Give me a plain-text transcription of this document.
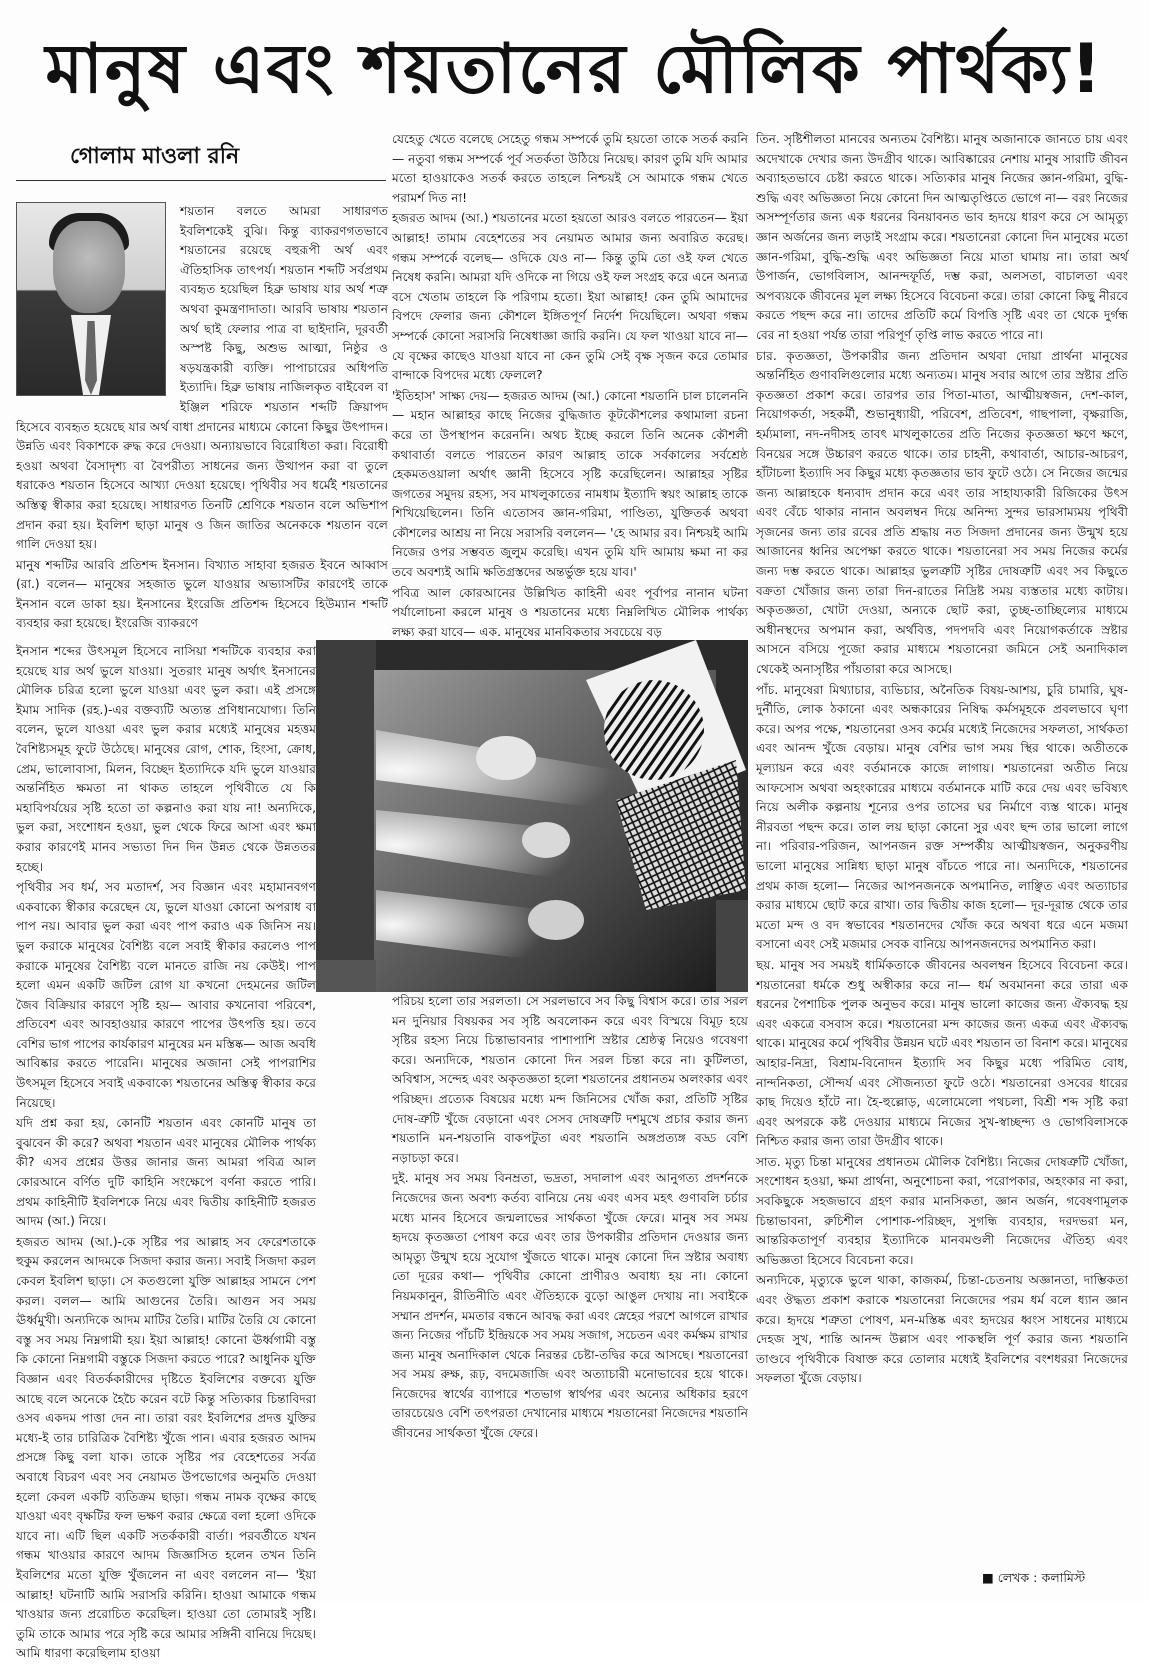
মানুষ এবং শয়তানের মৌলিক পার্থক্য!
গোলাম মাওলা রনি

শয়তান বলতে আমরা সাধারণত ইবলিশকেই বুঝি। কিন্তু ব্যাকরণগতভাবে শয়তানের রয়েছে বহুরূপী অর্থ এবং ঐতিহাসিক তাৎপর্য। শয়তান শব্দটি সর্বপ্রথম ব্যবহৃত হয়েছিল হিব্রু ভাষায় যার অর্থ শত্রু অথবা কুমন্ত্রণাদাতা। আরবি ভাষায় শয়তান অর্থ ছাই ফেলার পাত্র বা ছাইদানি, দূরবর্তী অস্পষ্ট কিছু, অশুভ আত্মা, নিষ্ঠুর ও ষড়যন্ত্রকারী ব্যক্তি। পাপাচারের অধিপতি ইত্যাদি। হিব্রু ভাষায় নাজিলকৃত বাইবেল বা ইঞ্জিল শরিফে শয়তান শব্দটি ক্রিয়াপদ হিসেবে ব্যবহৃত হয়েছে যার অর্থ বাধা প্রদানের মাধ্যমে কোনো কিছুর উৎপাদন। উন্নতি এবং বিকাশকে রুদ্ধ করে দেওয়া। অন্যায়ভাবে বিরোধিতা করা। বিরোধী হওয়া অথবা বৈসাদৃশ্য বা বৈপরীত্য সাধনের জন্য উত্থাপন করা বা তুলে ধরাকেও শয়তান হিসেবে আখ্যা দেওয়া হয়েছে। পৃথিবীর সব ধর্মেই শয়তানের অস্তিত্ব স্বীকার করা হয়েছে। সাধারণত তিনটি শ্রেণিকে শয়তান বলে অভিশাপ প্রদান করা হয়। ইবলিশ ছাড়া মানুষ ও জিন জাতির অনেককে শয়তান বলে গালি দেওয়া হয়।

মানুষ শব্দটির আরবি প্রতিশব্দ ইনসান। বিখ্যাত সাহাবা হজরত ইবনে আব্বাস (রা.) বলেন— মানুষের সহজাত ভুলে যাওয়ার অভ্যাসটির কারণেই তাকে ইনসান বলে ডাকা হয়। ইনসানের ইংরেজি প্রতিশব্দ হিসেবে হিউম্যান শব্দটি ব্যবহার করা হয়েছে। ইংরেজি ব্যাকরণে

ইনসান শব্দের উৎসমূল হিসেবে নাসিয়া শব্দটিকে ব্যবহার করা হয়েছে যার অর্থ ভুলে যাওয়া। সুতরাং মানুষ অর্থাৎ ইনসানের মৌলিক চরিত্র হলো ভুলে যাওয়া এবং ভুল করা। এই প্রসঙ্গে ইমাম সাদিক (রহ.)-এর বক্তব্যটি অত্যন্ত প্রণিধানযোগ্য। তিনি বলেন, ভুলে যাওয়া এবং ভুল করার মধ্যেই মানুষের মহত্তম বৈশিষ্ট্যসমূহ ফুটে উঠেছে। মানুষের রোগ, শোক, হিংসা, ক্রোধ, প্রেম, ভালোবাসা, মিলন, বিচ্ছেদ ইত্যাদিকে যদি ভুলে যাওয়ার অন্তর্নিহিত ক্ষমতা না থাকত তাহলে পৃথিবীতে যে কি মহাবিপর্যয়ের সৃষ্টি হতো তা কল্পনাও করা যায় না! অন্যদিকে, ভুল করা, সংশোধন হওয়া, ভুল থেকে ফিরে আসা এবং ক্ষমা করার কারণেই মানব সভ্যতা দিন দিন উন্নত থেকে উন্নততর হচ্ছে।

পৃথিবীর সব ধর্ম, সব মতাদর্শ, সব বিজ্ঞান এবং মহামানবগণ একবাক্যে স্বীকার করেছেন যে, ভুলে যাওয়া কোনো অপরাধ বা পাপ নয়। আবার ভুল করা এবং পাপ করাও এক জিনিস নয়। ভুল করাকে মানুষের বৈশিষ্ট্য বলে সবাই স্বীকার করলেও পাপ করাকে মানুষের বৈশিষ্ট্য বলে মানতে রাজি নয় কেউই। পাপ হলো এমন একটি জটিল রোগ যা কখনো দেহমনের জটিল জৈব বিক্রিয়ার কারণে সৃষ্টি হয়— আবার কখনোবা পরিবেশ, প্রতিবেশ এবং আবহাওয়ার কারণে পাপের উৎপত্তি হয়। তবে বেশির ভাগ পাপের কার্যকারণ মানুষের মন মস্তিষ্ক— আজ অবধি আবিষ্কার করতে পারেনি। মানুষের অজানা সেই পাপরাশির উৎসমূল হিসেবে সবাই একবাক্যে শয়তানের অস্তিত্ব স্বীকার করে নিয়েছে।

যদি প্রশ্ন করা হয়, কোনটি শয়তান এবং কোনটি মানুষ তা বুঝবেন কী করে? অথবা শয়তান এবং মানুষের মৌলিক পার্থক্য কী? এসব প্রশ্নের উত্তর জানার জন্য আমরা পবিত্র আল কোরআনে বর্ণিত দুটি কাহিনি সংক্ষেপে বর্ণনা করতে পারি। প্রথম কাহিনীটি ইবলিশকে নিয়ে এবং দ্বিতীয় কাহিনীটি হজরত আদম (আ.) নিয়ে।

হজরত আদম (আ.)-কে সৃষ্টির পর আল্লাহ সব ফেরেশতাকে হুকুম করলেন আদমকে সিজদা করার জন্য। সবাই সিজদা করল কেবল ইবলিশ ছাড়া। সে কতগুলো যুক্তি আল্লাহর সামনে পেশ করল। বলল— আমি আগুনের তৈরি। আগুন সব সময় ঊর্ধ্বমুখী। অন্যদিকে আদম মাটির তৈরি। মাটির তৈরি যে কোনো বস্তু সব সময় নিম্নগামী হয়। ইয়া আল্লাহ! কোনো ঊর্ধ্বগামী বস্তু কি কোনো নিম্নগামী বস্তুকে সিজদা করতে পারে? আধুনিক যুক্তি বিজ্ঞান এবং বিতর্ককারীদের দৃষ্টিতে ইবলিশের বক্তব্যে যুক্তি আছে বলে অনেকে হৈচৈ করেন বটে কিন্তু সত্যিকার চিন্তাবিদরা ওসব একদম পাত্তা দেন না। তারা বরং ইবলিশের প্রদত্ত যুক্তির মধ্যে-ই তার চারিত্রিক বৈশিষ্ট্য খুঁজে পান। এবার হজরত আদম প্রসঙ্গে কিছু বলা যাক। তাকে সৃষ্টির পর বেহেশতের সর্বত্র অবাধে বিচরণ এবং সব নেয়ামত উপভোগের অনুমতি দেওয়া হলো কেবল একটি ব্যতিক্রম ছাড়া। গন্ধম নামক বৃক্ষের কাছে যাওয়া এবং বৃক্ষটির ফল ভক্ষণ করার ক্ষেত্রে বলা হলো ওদিকে যাবে না। এটি ছিল একটি সতর্ককারী বার্তা। পরবর্তীতে যখন গন্ধম খাওয়ার কারণে আদম জিজ্ঞাসিত হলেন তখন তিনি ইবলিশের মতো যুক্তি খুঁজলেন না এবং বললেন না— 'ইয়া আল্লাহ! ঘটনাটি আমি সরাসরি করিনি। হাওয়া আমাকে গন্ধম খাওয়ার জন্য প্ররোচিত করেছিল। হাওয়া তো তোমারই সৃষ্টি। তুমি তাকে আমার পরে সৃষ্টি করে আমার সঙ্গিনী বানিয়ে দিয়েছ। আমি ধারণা করেছিলাম হাওয়া

যেহেতু খেতে বলেছে সেহেতু গন্ধম সম্পর্কে তুমি হয়তো তাকে সতর্ক করনি— নতুবা গন্ধম সম্পর্কে পূর্ব সতর্কতা উঠিয়ে নিয়েছ। কারণ তুমি যদি আমার মতো হাওয়াকেও সতর্ক করতে তাহলে নিশ্চয়ই সে আমাকে গন্ধম খেতে পরামর্শ দিত না!

হজরত আদম (আ.) শয়তানের মতো হয়তো আরও বলতে পারতেন— ইয়া আল্লাহ! তামাম বেহেশতের সব নেয়ামত আমার জন্য অবারিত করেছ। গন্ধম সম্পর্কে বলেছ— ওদিকে যেও না— কিন্তু তুমি তো ওই ফল খেতে নিষেধ করনি। আমরা যদি ওদিকে না গিয়ে ওই ফল সংগ্রহ করে এনে অন্যত্র বসে খেতাম তাহলে কি পরিণাম হতো। ইয়া আল্লাহ! কেন তুমি আমাদের বিপদে ফেলার জন্য কৌশলে ইঙ্গিতপূর্ণ নির্দেশ দিয়েছিলে। অথবা গন্ধম সম্পর্কে কোনো সরাসরি নিষেধাজ্ঞা জারি করনি। যে ফল খাওয়া যাবে না— যে বৃক্ষের কাছেও যাওয়া যাবে না কেন তুমি সেই বৃক্ষ সৃজন করে তোমার বান্দাকে বিপদের মধ্যে ফেললে?

'ইতিহাস' সাক্ষ্য দেয়— হজরত আদম (আ.) কোনো শয়তানি চাল চালেননি— মহান আল্লাহর কাছে নিজের বুদ্ধিজাত কূটকৌশলের কথামালা রচনা করে তা উপস্থাপন করেননি। অথচ ইচ্ছে করলে তিনি অনেক কৌশলী কথাবার্তা বলতে পারতেন কারণ আল্লাহ তাকে সর্বকালের সর্বশ্রেষ্ঠ হেকমতওয়ালা অর্থাৎ জ্ঞানী হিসেবে সৃষ্টি করেছিলেন। আল্লাহর সৃষ্টির জগতের সমুদয় রহস্য, সব মাখলুকাতের নামধাম ইত্যাদি স্বয়ং আল্লাহ তাকে শিখিয়েছিলেন। তিনি এতোসব জ্ঞান-গরিমা, পাণ্ডিত্য, যুক্তিতর্ক অথবা কৌশলের আশ্রয় না নিয়ে সরাসরি বললেন— 'হে আমার রব। নিশ্চয়ই আমি নিজের ওপর সম্ভবত জুলুম করেছি। এখন তুমি যদি আমায় ক্ষমা না কর তবে অবশ্যই আমি ক্ষতিগ্রস্তদের অন্তর্ভুক্ত হয়ে যাব।'

পবিত্র আল কোরআনের উল্লিখিত কাহিনী এবং পূর্বাপর নানান ঘটনা পর্যালোচনা করলে মানুষ ও শয়তানের মধ্যে নিম্নলিখিত মৌলিক পার্থক্য লক্ষ্য করা যাবে— এক. মানুষের মানবিকতার সবচেয়ে বড়

পরিচয় হলো তার সরলতা। সে সরলভাবে সব কিছু বিশ্বাস করে। তার সরল মন দুনিয়ার বিষয়কর সব সৃষ্টি অবলোকন করে এবং বিস্ময়ে বিমূঢ় হয়ে সৃষ্টির রহস্য নিয়ে চিন্তাভাবনার পাশাপাশি স্রষ্টার শ্রেষ্ঠত্ব নিয়েও গবেষণা করে। অন্যদিকে, শয়তান কোনো দিন সরল চিন্তা করে না। কুটিলতা, অবিশ্বাস, সন্দেহ এবং অকৃতজ্ঞতা হলো শয়তানের প্রধানতম অলংকার এবং পরিচ্ছদ। প্রত্যেক বিষয়ের মধ্যে মন্দ জিনিসের খোঁজ করা, প্রতিটি সৃষ্টির দোষ-ত্রুটি খুঁজে বেড়ানো এবং সেসব দোষত্রুটি দশমুখে প্রচার করার জন্য শয়তানি মন-শয়তানি বাকপটুতা এবং শয়তানি অঙ্গপ্রত্যঙ্গ বড্ড বেশি নড়াচড়া করে।

দুই. মানুষ সব সময় বিনম্রতা, ভদ্রতা, সদালাপ এবং আনুগত্য প্রদর্শনকে নিজেদের জন্য অবশ্য কর্তব্য বানিয়ে নেয় এবং এসব মহৎ গুণাবলি চর্চার মধ্যে মানব হিসেবে জন্মলাভের সার্থকতা খুঁজে ফেরে। মানুষ সব সময় হৃদয়ে কৃতজ্ঞতা পোষণ করে এবং তার উপকারীর প্রতিদান দেওয়ার জন্য আমৃত্যু উন্মুখ হয়ে সুযোগ খুঁজতে থাকে। মানুষ কোনো দিন স্রষ্টার অবাধ্য তো দূরের কথা— পৃথিবীর কোনো প্রাণীরও অবাধ্য হয় না। কোনো নিয়মকানুন, রীতিনীতি এবং ঐতিহ্যকে বুড়ো আঙুল দেখায় না। সবাইকে সম্মান প্রদর্শন, মমতার বন্ধনে আবদ্ধ করা এবং স্নেহের পরশে আগলে রাখার জন্য নিজের পাঁচটি ইন্দ্রিয়কে সব সময় সজাগ, সচেতন এবং কর্মক্ষম রাখার জন্য মানুষ অনাদিকাল থেকে নিরন্তর চেষ্টা-তদ্বির করে আসছে। শয়তানেরা সব সময় রুক্ষ, রূঢ়, বদমেজাজি এবং অত্যাচারী মনোভাবের হয়ে থাকে। নিজেদের স্বার্থের ব্যাপারে শতভাগ স্বার্থপর এবং অন্যের অধিকার হরণে তারচেয়েও বেশি তৎপরতা দেখানোর মাধ্যমে শয়তানেরা নিজেদের শয়তানি জীবনের সার্থকতা খুঁজে ফেরে।

তিন. সৃষ্টিশীলতা মানবের অন্যতম বৈশিষ্ট্য। মানুষ অজানাকে জানতে চায় এবং অদেখাকে দেখার জন্য উদগ্রীব থাকে। আবিষ্কারের নেশায় মানুষ সারাটি জীবন অব্যাহতভাবে চেষ্টা করতে থাকে। সত্যিকার মানুষ নিজের জ্ঞান-গরিমা, বুদ্ধি-শুদ্ধি এবং অভিজ্ঞতা নিয়ে কোনো দিন আত্মতৃপ্তিতে ভোগে না— বরং নিজের অসম্পূর্ণতার জন্য এক ধরনের বিনয়াবনত ভাব হৃদয়ে ধারণ করে সে আমৃত্যু জ্ঞান অর্জনের জন্য লড়াই সংগ্রাম করে। শয়তানেরা কোনো দিন মানুষের মতো জ্ঞান-গরিমা, বুদ্ধি-শুদ্ধি এবং অভিজ্ঞতা নিয়ে মাতা ঘামায় না। তারা অর্থ উপার্জন, ভোগবিলাস, আনন্দফূর্তি, দম্ভ করা, অলসতা, বাচালতা এবং অপব্যয়কে জীবনের মূল লক্ষ্য হিসেবে বিবেচনা করে। তারা কোনো কিছু নীরবে করতে পছন্দ করে না। তাদের প্রতিটি কর্মে বিপত্তি সৃষ্টি এবং তা থেকে দুর্গন্ধ বের না হওয়া পর্যন্ত তারা পরিপূর্ণ তৃপ্তি লাভ করতে পারে না।

চার. কৃতজ্ঞতা, উপকারীর জন্য প্রতিদান অথবা দোয়া প্রার্থনা মানুষের অন্তর্নিহিত গুণাবলিগুলোর মধ্যে অন্যতম। মানুষ সবার আগে তার স্রষ্টার প্রতি কৃতজ্ঞতা প্রকাশ করে। তারপর তার পিতা-মাতা, আত্মীয়স্বজন, দেশ-কাল, নিয়োগকর্তা, সহকর্মী, শুভানুধ্যায়ী, পরিবেশ, প্রতিবেশ, গাছপালা, বৃক্ষরাজি, হর্ম্যমালা, নদ-নদীসহ তাবৎ মাখলুকাতের প্রতি নিজের কৃতজ্ঞতা ক্ষণে ক্ষণে, বিনয়ের সঙ্গে উচ্চারণ করতে থাকে। তার চাহনী, কথাবার্তা, আচার-আচরণ, হাঁটাচলা ইত্যাদি সব কিছুর মধ্যে কৃতজ্ঞতার ভাব ফুটে ওঠে। সে নিজের জন্মের জন্য আল্লাহকে ধন্যবাদ প্রদান করে এবং তার সাহায্যকারী রিজিকের উৎস এবং বেঁচে থাকার নানান অবলম্বন দিয়ে অনিন্দ্য সুন্দর ভারসাম্যময় পৃথিবী সৃজনের জন্য তার রবের প্রতি শ্রদ্ধায় নত সিজদা প্রদানের জন্য উন্মুখ হয়ে আজানের ধ্বনির অপেক্ষা করতে থাকে। শয়তানেরা সব সময় নিজের কর্মের জন্য দম্ভ করতে থাকে। আল্লাহর ভুলত্রুটি সৃষ্টির দোষত্রুটি এবং সব কিছুতে বক্রতা খোঁজার জন্য তারা দিন-রাতের নিদ্রিষ্ট সময় ব্যস্ততার মধ্যে কাটায়। অকৃতজ্ঞতা, খোটা দেওয়া, অন্যকে ছোট করা, তুচ্ছ-তাচ্ছিল্যের মাধ্যমে অধীনস্থদের অপমান করা, অর্থবিত্ত, পদপদবি এবং নিয়োগকর্তাকে স্রষ্টার আসনে বসিয়ে পূজো করার মাধ্যমে শয়তানেরা জমিনে সেই অনাদিকাল থেকেই অনাসৃষ্টির পাঁয়তারা করে আসছে।

পাঁচ. মানুষেরা মিথ্যাচার, ব্যভিচার, অনৈতিক বিষয়-আশয়, চুরি চামারি, ঘুষ-দুর্নীতি, লোক ঠকানো এবং অন্ধকারের নিষিদ্ধ কর্মসমূহকে প্রবলভাবে ঘৃণা করে। অপর পক্ষে, শয়তানেরা ওসব কর্মের মধ্যেই নিজেদের সফলতা, সার্থকতা এবং আনন্দ খুঁজে বেড়ায়। মানুষ বেশির ভাগ সময় স্থির থাকে। অতীতকে মূল্যায়ন করে এবং বর্তমানকে কাজে লাগায়। শয়তানেরা অতীত নিয়ে আফসোস অথবা অহংকারের মাধ্যমে বর্তমানকে মাটি করে দেয় এবং ভবিষ্যৎ নিয়ে অলীক কল্পনায় শূন্যের ওপর তাসের ঘর নির্মাণে ব্যস্ত থাকে। মানুষ নীরবতা পছন্দ করে। তাল লয় ছাড়া কোনো সুর এবং ছন্দ তার ভালো লাগে না। পরিবার-পরিজন, আপনজন রক্ত সম্পর্কীয় আত্মীয়স্বজন, অনুকরণীয় ভালো মানুষের সান্নিধ্য ছাড়া মানুষ বাঁচতে পারে না। অন্যদিকে, শয়তানের প্রথম কাজ হলো— নিজের আপনজনকে অপমানিত, লাঞ্ছিত এবং অত্যাচার করার মাধ্যমে ছোট করে রাখা। তার দ্বিতীয় কাজ হলো— দূর-দূরান্ত থেকে তার মতো মন্দ ও বদ স্বভাবের শয়তানদের খোঁজ করে অথবা ধরে এনে মজমা বসানো এবং সেই মজমার সেবক বানিয়ে আপনজনদের অপমানিত করা।

ছয়. মানুষ সব সময়ই ধার্মিকতাকে জীবনের অবলম্বন হিসেবে বিবেচনা করে। শয়তানেরা ধর্মকে শুধু অস্বীকার করে না— ধর্ম অবমাননা করে তারা এক ধরনের পৈশাচিক পুলক অনুভব করে। মানুষ ভালো কাজের জন্য ঐক্যবদ্ধ হয় এবং একত্রে বসবাস করে। শয়তানেরা মন্দ কাজের জন্য একত্র এবং ঐক্যবদ্ধ থাকে। মানুষের কর্মে পৃথিবীর উন্নয়ন ঘটে এবং শয়তান তা বিনাশ করে। মানুষের আহার-নিদ্রা, বিশ্রাম-বিনোদন ইত্যাদি সব কিছুর মধ্যে পরিমিত বোধ, নান্দনিকতা, সৌন্দর্য এবং সৌজন্যতা ফুটে ওঠে। শয়তানেরা ওসবের ধারের কাছ দিয়েও হাঁটে না। হৈ-হুল্লোড়, এলোমেলো পথচলা, বিশ্রী শব্দ সৃষ্টি করা এবং অপরকে কষ্ট দেওয়ার মাধ্যমে নিজের সুখ-স্বাচ্ছন্দ্য ও ভোগবিলাসকে নিশ্চিত করার জন্য তারা উদগ্রীব থাকে।

সাত. মৃত্যু চিন্তা মানুষের প্রধানতম মৌলিক বৈশিষ্ট্য। নিজের দোষত্রুটি খোঁজা, সংশোধন হওয়া, ক্ষমা প্রার্থনা, অনুশোচনা করা, পরোপকার, অহংকার না করা, সবকিছুকে সহজভাবে গ্রহণ করার মানসিকতা, জ্ঞান অর্জন, গবেষণামূলক চিন্তাভাবনা, রুচিশীল পোশাক-পরিচ্ছদ, সুগন্ধি ব্যবহার, দরদভরা মন, আন্তরিকতাপূর্ণ ব্যবহার ইত্যাদিকে মানবমণ্ডলী নিজেদের ঐতিহ্য এবং অভিজ্ঞতা হিসেবে বিবেচনা করে।

অন্যদিকে, মৃত্যুকে ভুলে থাকা, কাজকর্ম, চিন্তা-চেতনায় অজ্ঞানতা, দাম্ভিকতা এবং ঔদ্ধত্য প্রকাশ করাকে শয়তানেরা নিজেদের পরম ধর্ম বলে ধ্যান জ্ঞান করে। হৃদয়ে শত্রুতা পোষণ, মন-মস্তিষ্ক এবং হৃদয়ের ধ্বংস সাধনের মাধ্যমে দেহজ সুখ, শান্তি আনন্দ উল্লাস এবং পাকস্থলি পূর্ণ করার জন্য শয়তানি তাণ্ডবে পৃথিবীকে বিষাক্ত করে তোলার মধ্যেই ইবলিশের বংশধররা নিজেদের সফলতা খুঁজে বেড়ায়।

■ লেখক : কলামিস্ট
